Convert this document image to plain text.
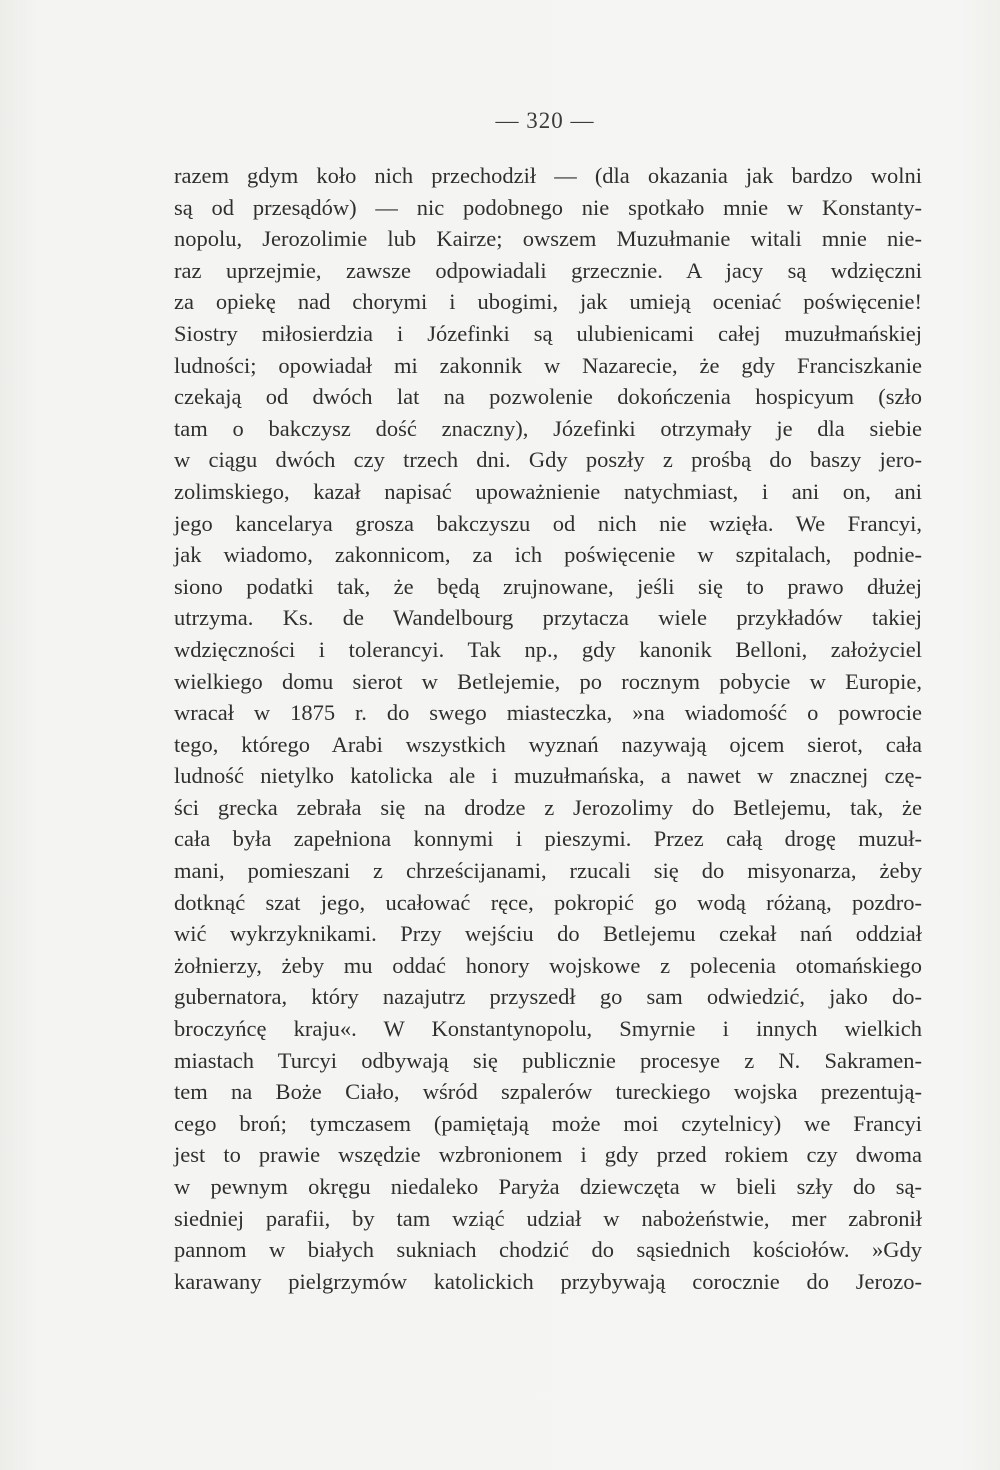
— 320 —
razem gdym koło nich przechodził — (dla okazania jak bardzo wolni
są od przesądów) — nic podobnego nie spotkało mnie w Konstanty-
nopolu, Jerozolimie lub Kairze; owszem Muzułmanie witali mnie nie-
raz uprzejmie, zawsze odpowiadali grzecznie. A jacy są wdzięczni
za opiekę nad chorymi i ubogimi, jak umieją oceniać poświęcenie!
Siostry miłosierdzia i Józefinki są ulubienicami całej muzułmańskiej
ludności; opowiadał mi zakonnik w Nazarecie, że gdy Franciszkanie
czekają od dwóch lat na pozwolenie dokończenia hospicyum (szło
tam o bakczysz dość znaczny), Józefinki otrzymały je dla siebie
w ciągu dwóch czy trzech dni. Gdy poszły z prośbą do baszy jero-
zolimskiego, kazał napisać upoważnienie natychmiast, i ani on, ani
jego kancelarya grosza bakczyszu od nich nie wzięła. We Francyi,
jak wiadomo, zakonnicom, za ich poświęcenie w szpitalach, podnie-
siono podatki tak, że będą zrujnowane, jeśli się to prawo dłużej
utrzyma. Ks. de Wandelbourg przytacza wiele przykładów takiej
wdzięczności i tolerancyi. Tak np., gdy kanonik Belloni, założyciel
wielkiego domu sierot w Betlejemie, po rocznym pobycie w Europie,
wracał w 1875 r. do swego miasteczka, »na wiadomość o powrocie
tego, którego Arabi wszystkich wyznań nazywają ojcem sierot, cała
ludność nietylko katolicka ale i muzułmańska, a nawet w znacznej czę-
ści grecka zebrała się na drodze z Jerozolimy do Betlejemu, tak, że
cała była zapełniona konnymi i pieszymi. Przez całą drogę muzuł-
mani, pomieszani z chrześcijanami, rzucali się do misyonarza, żeby
dotknąć szat jego, ucałować ręce, pokropić go wodą różaną, pozdro-
wić wykrzyknikami. Przy wejściu do Betlejemu czekał nań oddział
żołnierzy, żeby mu oddać honory wojskowe z polecenia otomańskiego
gubernatora, który nazajutrz przyszedł go sam odwiedzić, jako do-
broczyńcę kraju«. W Konstantynopolu, Smyrnie i innych wielkich
miastach Turcyi odbywają się publicznie procesye z N. Sakramen-
tem na Boże Ciało, wśród szpalerów tureckiego wojska prezentują-
cego broń; tymczasem (pamiętają może moi czytelnicy) we Francyi
jest to prawie wszędzie wzbronionem i gdy przed rokiem czy dwoma
w pewnym okręgu niedaleko Paryża dziewczęta w bieli szły do są-
siedniej parafii, by tam wziąć udział w nabożeństwie, mer zabronił
pannom w białych sukniach chodzić do sąsiednich kościołów. »Gdy
karawany pielgrzymów katolickich przybywają corocznie do Jerozo-
